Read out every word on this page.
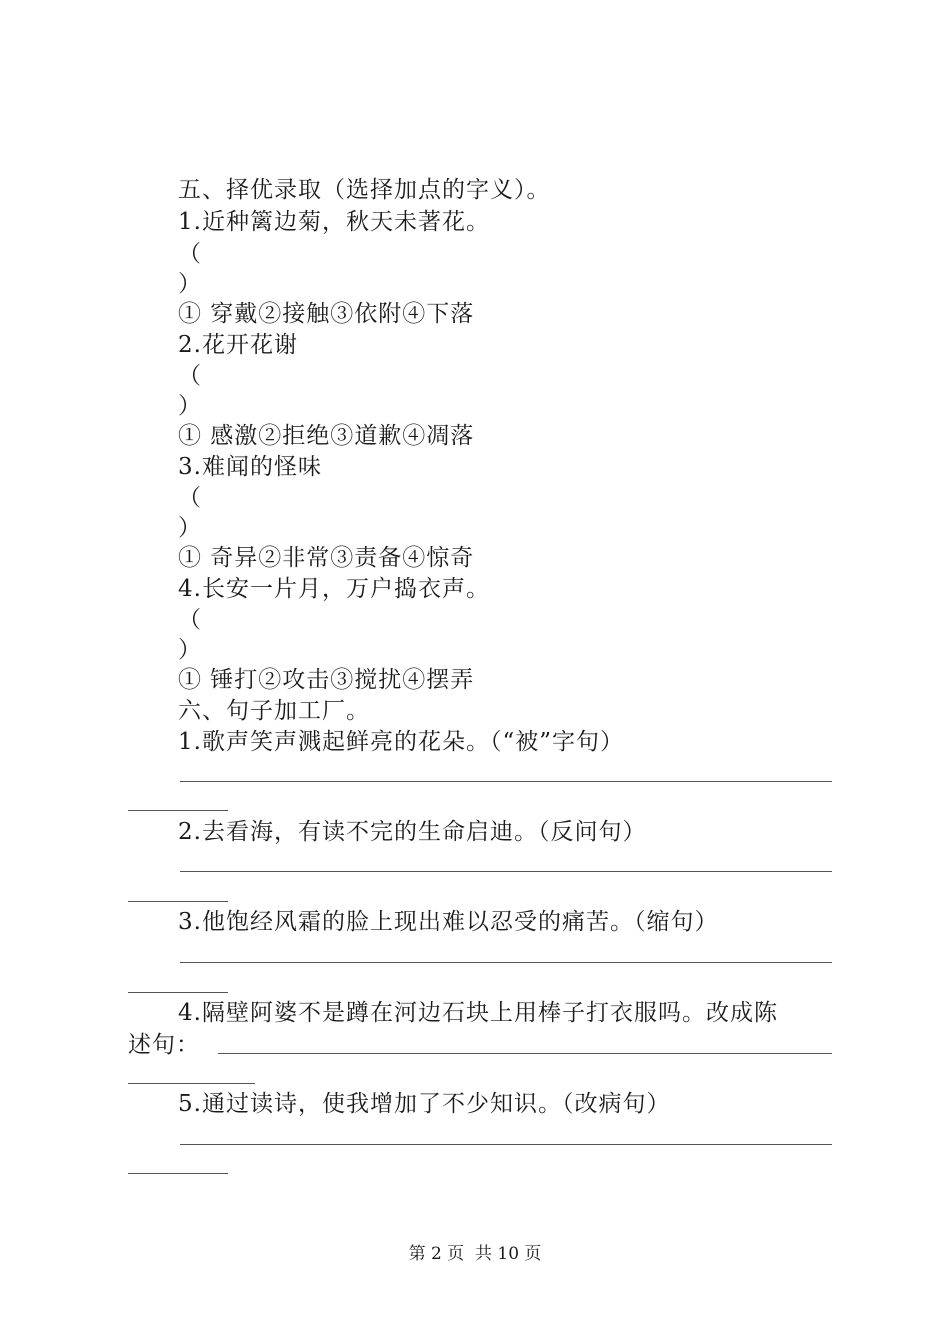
五、择优录取（选择加点的字义）。
1.近种篱边菊，秋天未著花。
（
）
① 穿戴②接触③依附④下落
2.花开花谢
（
）
① 感激②拒绝③道歉④凋落
3.难闻的怪味
（
）
① 奇异②非常③责备④惊奇
4.长安一片月，万户捣衣声。
（
）
① 锤打②攻击③搅扰④摆弄
六、句子加工厂。
1.歌声笑声溅起鲜亮的花朵。（“被”字句）
2.去看海，有读不完的生命启迪。（反问句）
3.他饱经风霜的脸上现出难以忍受的痛苦。（缩句）
4.隔壁阿婆不是蹲在河边石块上用棒子打衣服吗。改成陈
述句：
5.通过读诗，使我增加了不少知识。（改病句）
第 2 页  共 10 页
